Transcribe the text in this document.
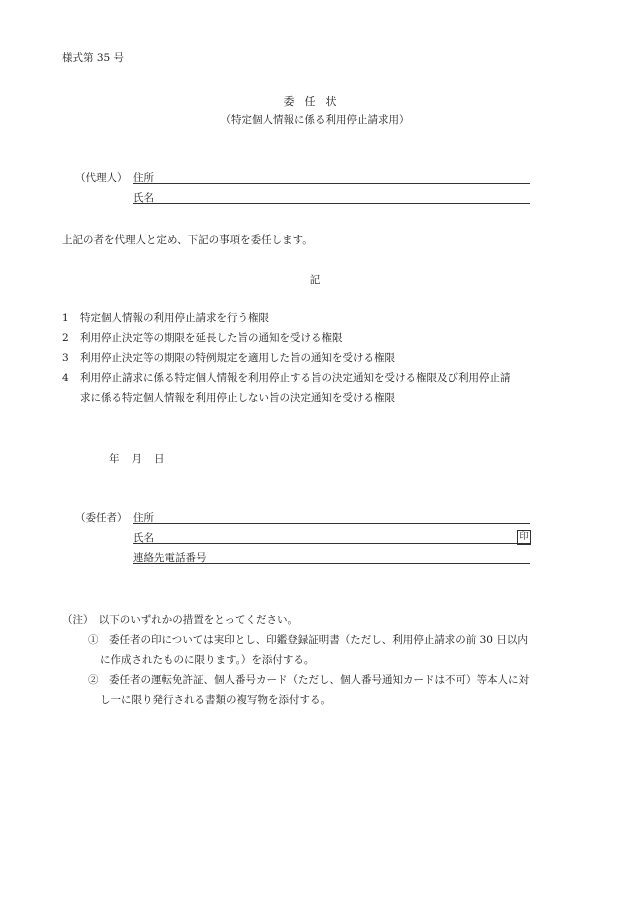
様式第 35 号
委任状
（特定個人情報に係る利用停止請求用）
（代理人） 住所
氏名
上記の者を代理人と定め、下記の事項を委任します。
記
1 特定個人情報の利用停止請求を行う権限
2 利用停止決定等の期限を延長した旨の通知を受ける権限
3 利用停止決定等の期限の特例規定を適用した旨の通知を受ける権限
4 利用停止請求に係る特定個人情報を利用停止する旨の決定通知を受ける権限及び利用停止請
求に係る特定個人情報を利用停止しない旨の決定通知を受ける権限
年 月 日
（委任者） 住所
氏名	印
連絡先電話番号
（注）　以下のいずれかの措置をとってください。
①　 委任者の印については実印とし、印鑑登録証明書（ただし、利用停止請求の前 30 日以内
に作成されたものに限ります。）を添付する。
②　 委任者の運転免許証、個人番号カード（ただし、個人番号通知カードは不可）等本人に対
し一に限り発行される書類の複写物を添付する。
